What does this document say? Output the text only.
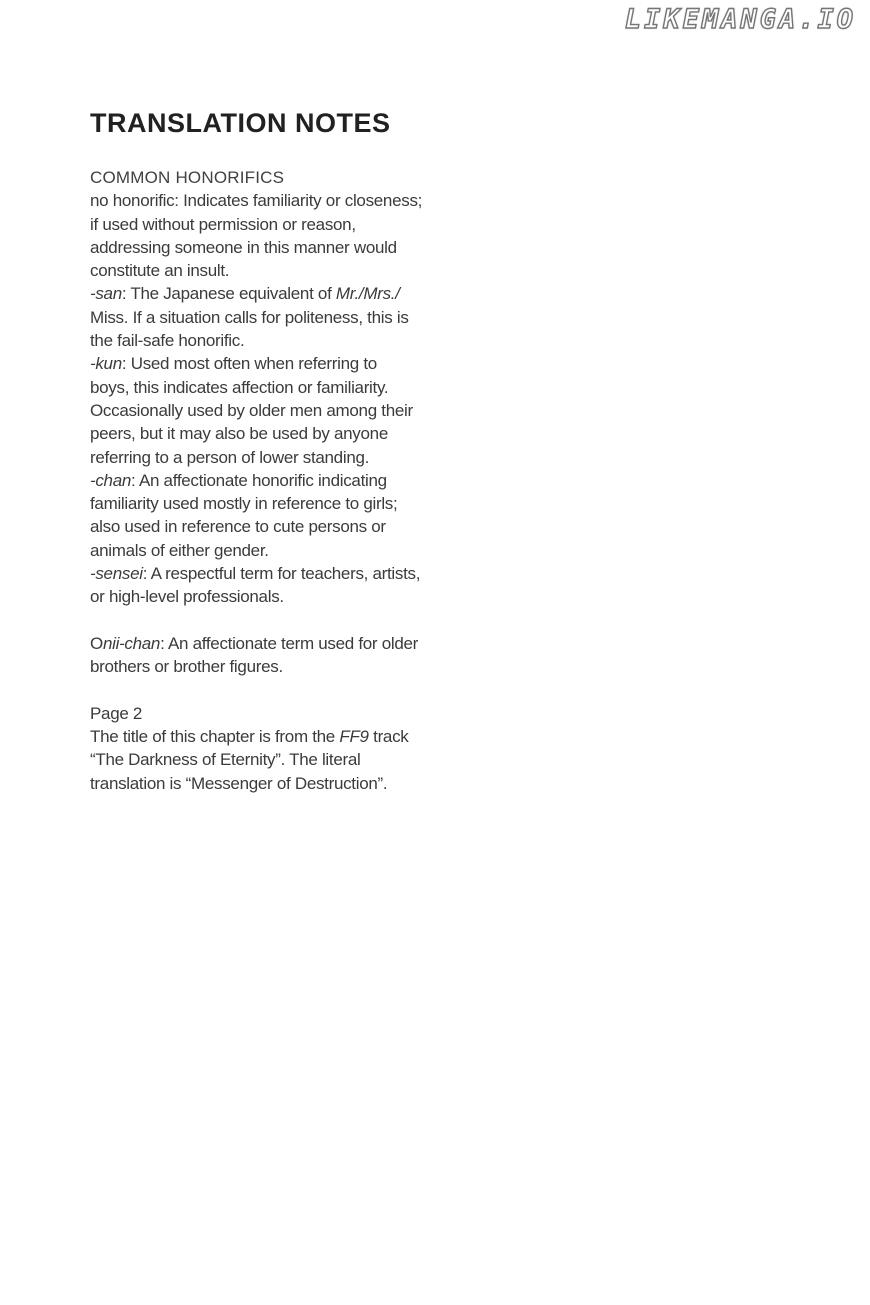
LIKEMANGA.IO
TRANSLATION NOTES
COMMON HONORIFICS
no honorific: Indicates familiarity or closeness;
if used without permission or reason,
addressing someone in this manner would
constitute an insult.
-san: The Japanese equivalent of Mr./Mrs./
Miss. If a situation calls for politeness, this is
the fail-safe honorific.
-kun: Used most often when referring to
boys, this indicates affection or familiarity.
Occasionally used by older men among their
peers, but it may also be used by anyone
referring to a person of lower standing.
-chan: An affectionate honorific indicating
familiarity used mostly in reference to girls;
also used in reference to cute persons or
animals of either gender.
-sensei: A respectful term for teachers, artists,
or high-level professionals.

Onii-chan: An affectionate term used for older
brothers or brother figures.

Page 2
The title of this chapter is from the FF9 track
“The Darkness of Eternity”. The literal
translation is “Messenger of Destruction”.
